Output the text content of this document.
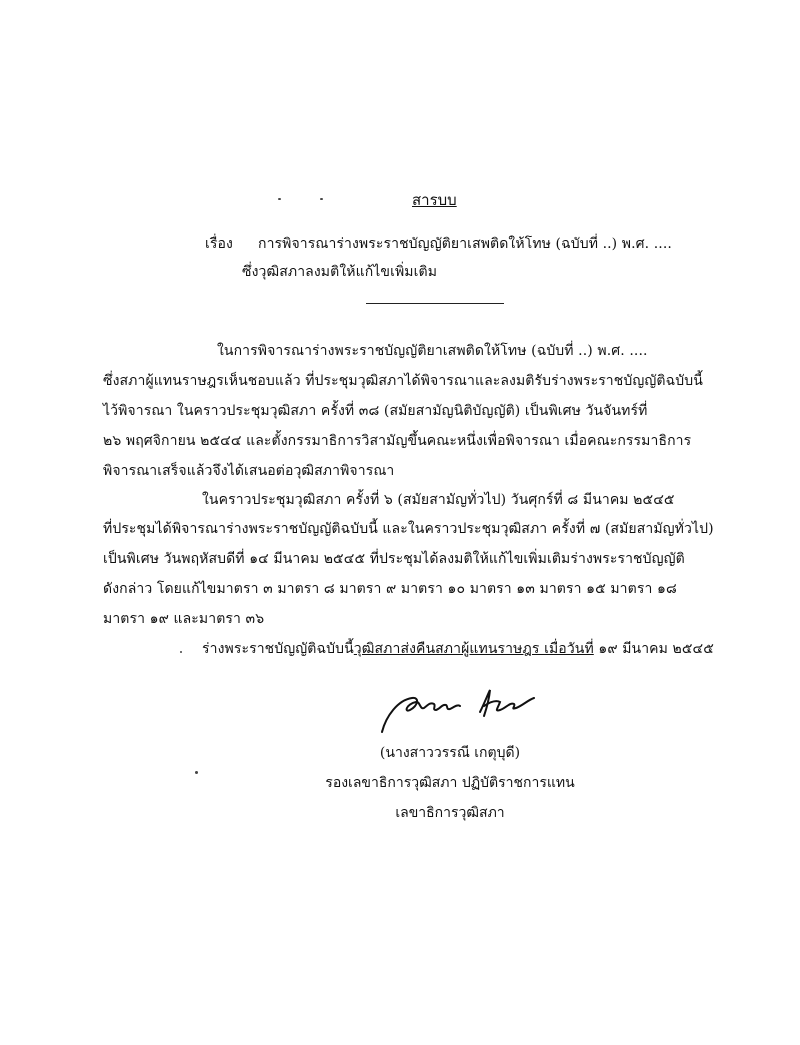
สารบบ
เรื่อง การพิจารณาร่างพระราชบัญญัติยาเสพติดให้โทษ (ฉบับที่ ..) พ.ศ. ....
ซึ่งวุฒิสภาลงมติให้แก้ไขเพิ่มเติม
ในการพิจารณาร่างพระราชบัญญัติยาเสพติดให้โทษ (ฉบับที่ ..) พ.ศ. ....
ซึ่งสภาผู้แทนราษฎรเห็นชอบแล้ว ที่ประชุมวุฒิสภาได้พิจารณาและลงมติรับร่างพระราชบัญญัติฉบับนี้
ไว้พิจารณา ในคราวประชุมวุฒิสภา ครั้งที่ ๓๘ (สมัยสามัญนิติบัญญัติ) เป็นพิเศษ วันจันทร์ที่
๒๖ พฤศจิกายน ๒๕๔๔ และตั้งกรรมาธิการวิสามัญขึ้นคณะหนึ่งเพื่อพิจารณา เมื่อคณะกรรมาธิการ
พิจารณาเสร็จแล้วจึงได้เสนอต่อวุฒิสภาพิจารณา
ในคราวประชุมวุฒิสภา ครั้งที่ ๖ (สมัยสามัญทั่วไป) วันศุกร์ที่ ๘ มีนาคม ๒๕๔๕
ที่ประชุมได้พิจารณาร่างพระราชบัญญัติฉบับนี้ และในคราวประชุมวุฒิสภา ครั้งที่ ๗ (สมัยสามัญทั่วไป)
เป็นพิเศษ วันพฤหัสบดีที่ ๑๔ มีนาคม ๒๕๔๕ ที่ประชุมได้ลงมติให้แก้ไขเพิ่มเติมร่างพระราชบัญญัติ
ดังกล่าว โดยแก้ไขมาตรา ๓ มาตรา ๘ มาตรา ๙ มาตรา ๑๐ มาตรา ๑๓ มาตรา ๑๕ มาตรา ๑๘
มาตรา ๑๙ และมาตรา ๓๖
ร่างพระราชบัญญัติฉบับนี้วุฒิสภาส่งคืนสภาผู้แทนราษฎร เมื่อวันที่ ๑๙ มีนาคม ๒๕๔๕
(นางสาววรรณี เกตุบุดี)
รองเลขาธิการวุฒิสภา ปฏิบัติราชการแทน
เลขาธิการวุฒิสภา
